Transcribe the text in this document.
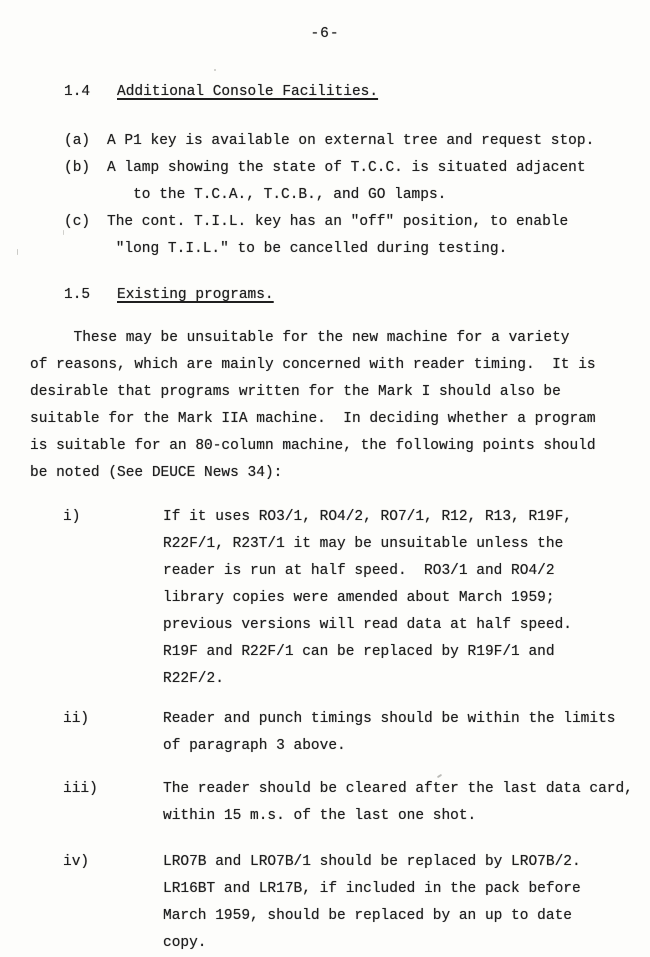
-6-
1.4 Additional Console Facilities.
(a) A P1 key is available on external tree and request stop.
(b) A lamp showing the state of T.C.C. is situated adjacent
to the T.C.A., T.C.B., and GO lamps.
(c) The cont. T.I.L. key has an "off" position, to enable
"long T.I.L." to be cancelled during testing.
1.5 Existing programs.
These may be unsuitable for the new machine for a variety
of reasons, which are mainly concerned with reader timing.  It is
desirable that programs written for the Mark I should also be
suitable for the Mark IIA machine.  In deciding whether a program
is suitable for an 80-column machine, the following points should
be noted (See DEUCE News 34):
i)	If it uses RO3/1, RO4/2, RO7/1, R12, R13, R19F,
R22F/1, R23T/1 it may be unsuitable unless the
reader is run at half speed.  RO3/1 and RO4/2
library copies were amended about March 1959;
previous versions will read data at half speed.
R19F and R22F/1 can be replaced by R19F/1 and
R22F/2.
ii)	Reader and punch timings should be within the limits
of paragraph 3 above.
iii)	The reader should be cleared after the last data card,
within 15 m.s. of the last one shot.
iv)	LRO7B and LRO7B/1 should be replaced by LRO7B/2.
LR16BT and LR17B, if included in the pack before
March 1959, should be replaced by an up to date
copy.
